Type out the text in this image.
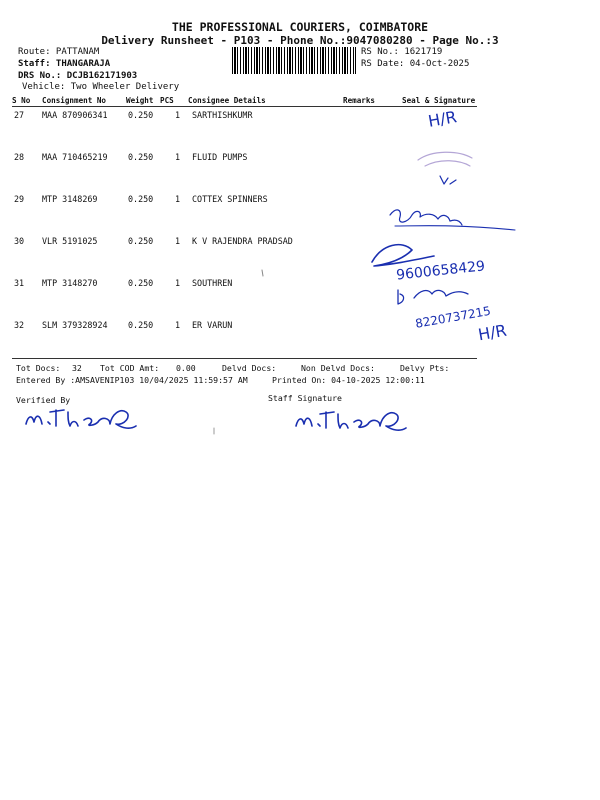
THE PROFESSIONAL COURIERS, COIMBATORE
Delivery Runsheet - P103 - Phone No.:9047080280 - Page No.:3
Route: PATTANAM
Staff: THANGARAJA
DRS No.: DCJB162171903
Vehicle: Two Wheeler Delivery
RS No.: 1621719
RS Date: 04-Oct-2025
S No Consignment No	Weight PCS Consignee Details	Remarks	Seal & Signature
27 MAA 870906341 0.250	1 SARTHISHKUMR
28 MAA 710465219 0.250	1 FLUID PUMPS
29 MTP 3148269	0.250	1 COTTEX SPINNERS
30 VLR 5191025	0.250	1 K V RAJENDRA PRADSAD
31 MTP 3148270	0.250	1 SOUTHREN
32 SLM 379328924 0.250	1 ER VARUN
H/R
9600658429
8220737215
H/R
Tot Docs: 32 Tot COD Amt: 0.00	Delvd Docs:	Non Delvd Docs:	Delvy Pts:
Entered By :AMSAVENIP103 10/04/2025 11:59:57 AM	Printed On: 04-10-2025 12:00:11
Verified By	Staff Signature
